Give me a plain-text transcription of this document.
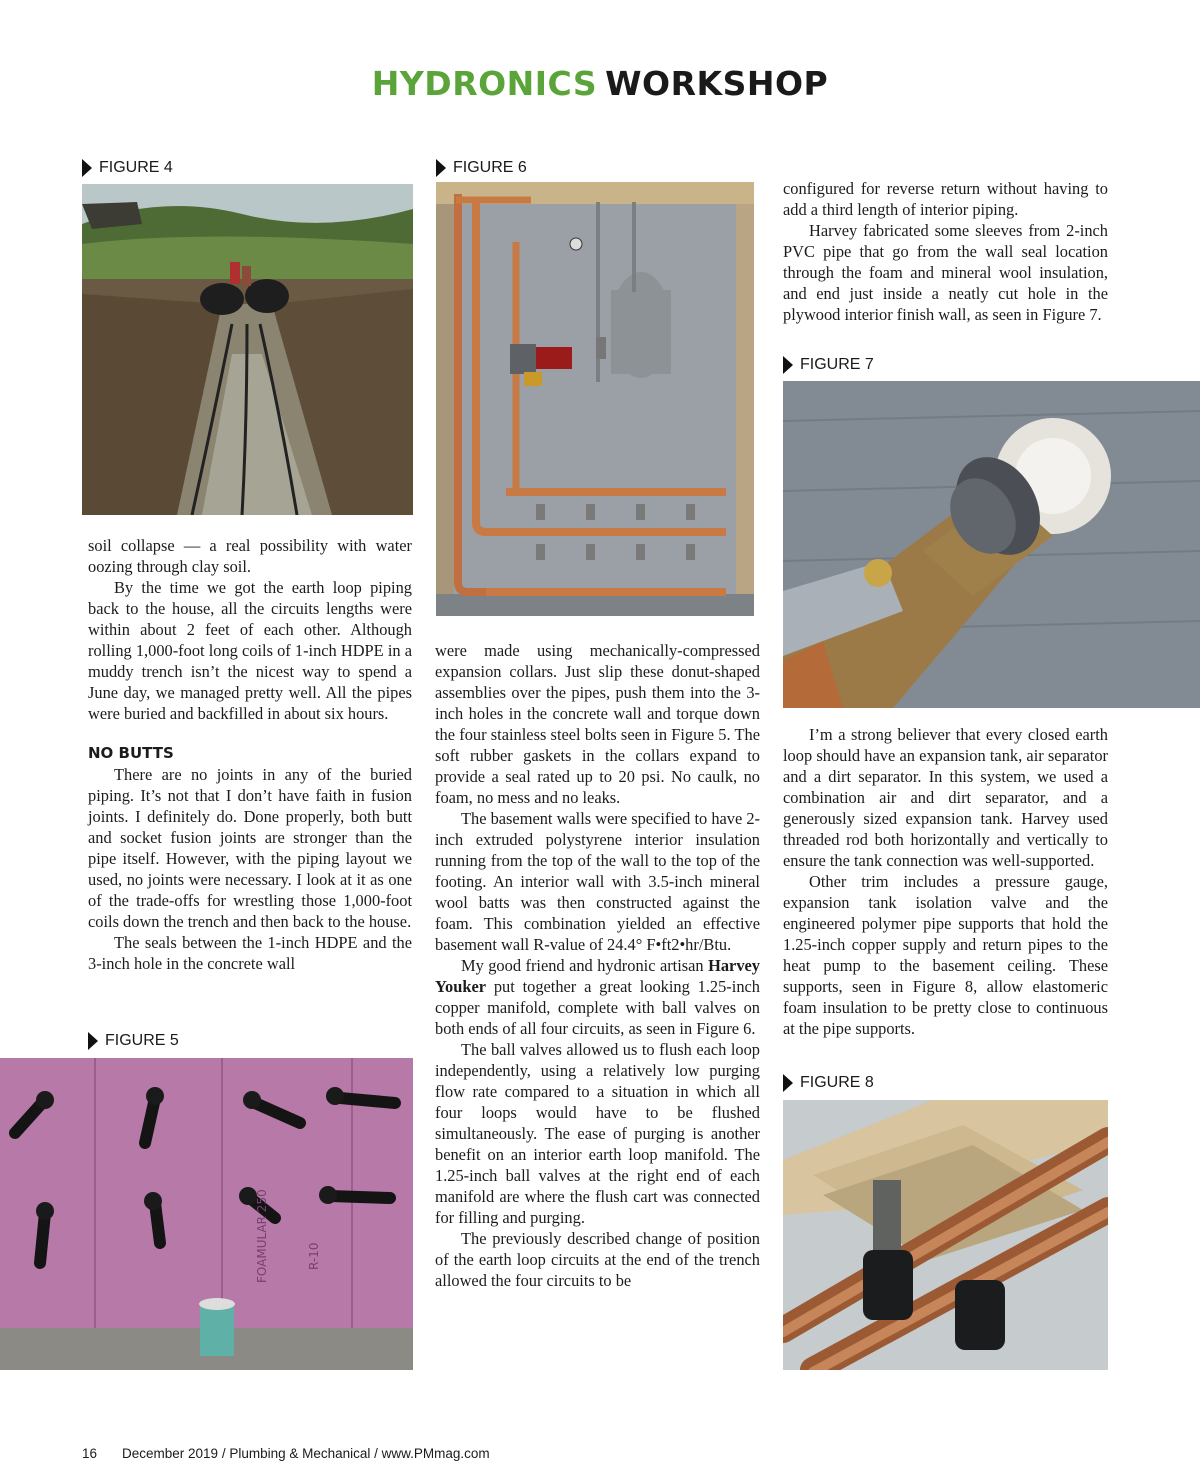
HYDRONICS WORKSHOP
FIGURE 4	FIGURE 6

soil collapse — a real possibility with water oozing through clay soil.

By the time we got the earth loop piping back to the house, all the circuits lengths were within about 2 feet of each other. Although rolling 1,000-foot long coils of 1-inch HDPE in a muddy trench isn’t the nicest way to spend a June day, we managed pretty well. All the pipes were buried and backfilled in about six hours.

NO BUTTS

There are no joints in any of the buried piping. It’s not that I don’t have faith in fusion joints. I definitely do. Done properly, both butt and socket fusion joints are stronger than the pipe itself. However, with the piping layout we used, no joints were necessary. I look at it as one of the trade-offs for wrestling those 1,000-foot coils down the trench and then back to the house.

The seals between the 1-inch HDPE and the 3-inch hole in the concrete wall

FIGURE 5
FOAMULAR 250	R-10

were made using mechanically-compressed expansion collars. Just slip these donut-shaped assemblies over the pipes, push them into the 3-inch holes in the concrete wall and torque down the four stainless steel bolts seen in Figure 5. The soft rubber gaskets in the collars expand to provide a seal rated up to 20 psi. No caulk, no foam, no mess and no leaks.

The basement walls were specified to have 2-inch extruded polystyrene interior insulation running from the top of the wall to the top of the footing. An interior wall with 3.5-inch mineral wool batts was then constructed against the foam. This combination yielded an effective basement wall R-value of 24.4° F•ft2•hr/Btu.

My good friend and hydronic artisan Harvey Youker put together a great looking 1.25-inch copper manifold, complete with ball valves on both ends of all four circuits, as seen in Figure 6.

The ball valves allowed us to flush each loop independently, using a relatively low purging flow rate compared to a situation in which all four loops would have to be flushed simultaneously. The ease of purging is another benefit on an interior earth loop manifold. The 1.25-inch ball valves at the right end of each manifold are where the flush cart was connected for filling and purging.

The previously described change of position of the earth loop circuits at the end of the trench allowed the four circuits to be

configured for reverse return without having to add a third length of interior piping.

Harvey fabricated some sleeves from 2-inch PVC pipe that go from the wall seal location through the foam and mineral wool insulation, and end just inside a neatly cut hole in the plywood interior finish wall, as seen in Figure 7.

FIGURE 7

I’m a strong believer that every closed earth loop should have an expansion tank, air separator and a dirt separator. In this system, we used a combination air and dirt separator, and a generously sized expansion tank. Harvey used threaded rod both horizontally and vertically to ensure the tank connection was well-supported.

Other trim includes a pressure gauge, expansion tank isolation valve and the engineered polymer pipe supports that hold the 1.25-inch copper supply and return pipes to the heat pump to the basement ceiling. These supports, seen in Figure 8, allow elastomeric foam insulation to be pretty close to continuous at the pipe supports.

FIGURE 8
16 December 2019 / Plumbing & Mechanical / www.PMmag.com
